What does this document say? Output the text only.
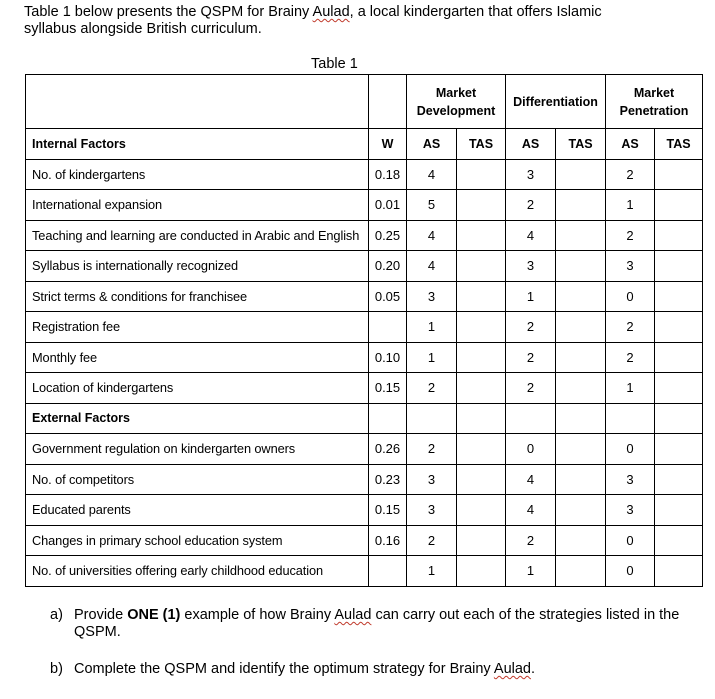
Table 1 below presents the QSPM for Brainy Aulad, a local kindergarten that offers Islamic
syllabus alongside British curriculum.
Table 1
		Market Development		Differentiation		Market Penetration	
Internal Factors	W	AS	TAS	AS	TAS	AS	TAS
No. of kindergartens	0.18	4		3		2	
International expansion	0.01	5		2		1	
Teaching and learning are conducted in Arabic and English	0.25	4		4		2	
Syllabus is internationally recognized	0.20	4		3		3	
Strict terms & conditions for franchisee	0.05	3		1		0	
Registration fee		1		2		2	
Monthly fee	0.10	1		2		2	
Location of kindergartens	0.15	2		2		1	
External Factors							
Government regulation on kindergarten owners	0.26	2		0		0	
No. of competitors	0.23	3		4		3	
Educated parents	0.15	3		4		3	
Changes in primary school education system	0.16	2		2		0	
No. of universities offering early childhood education		1		1		0	
a) Provide ONE (1) example of how Brainy Aulad can carry out each of the strategies listed in the QSPM.
b) Complete the QSPM and identify the optimum strategy for Brainy Aulad.
